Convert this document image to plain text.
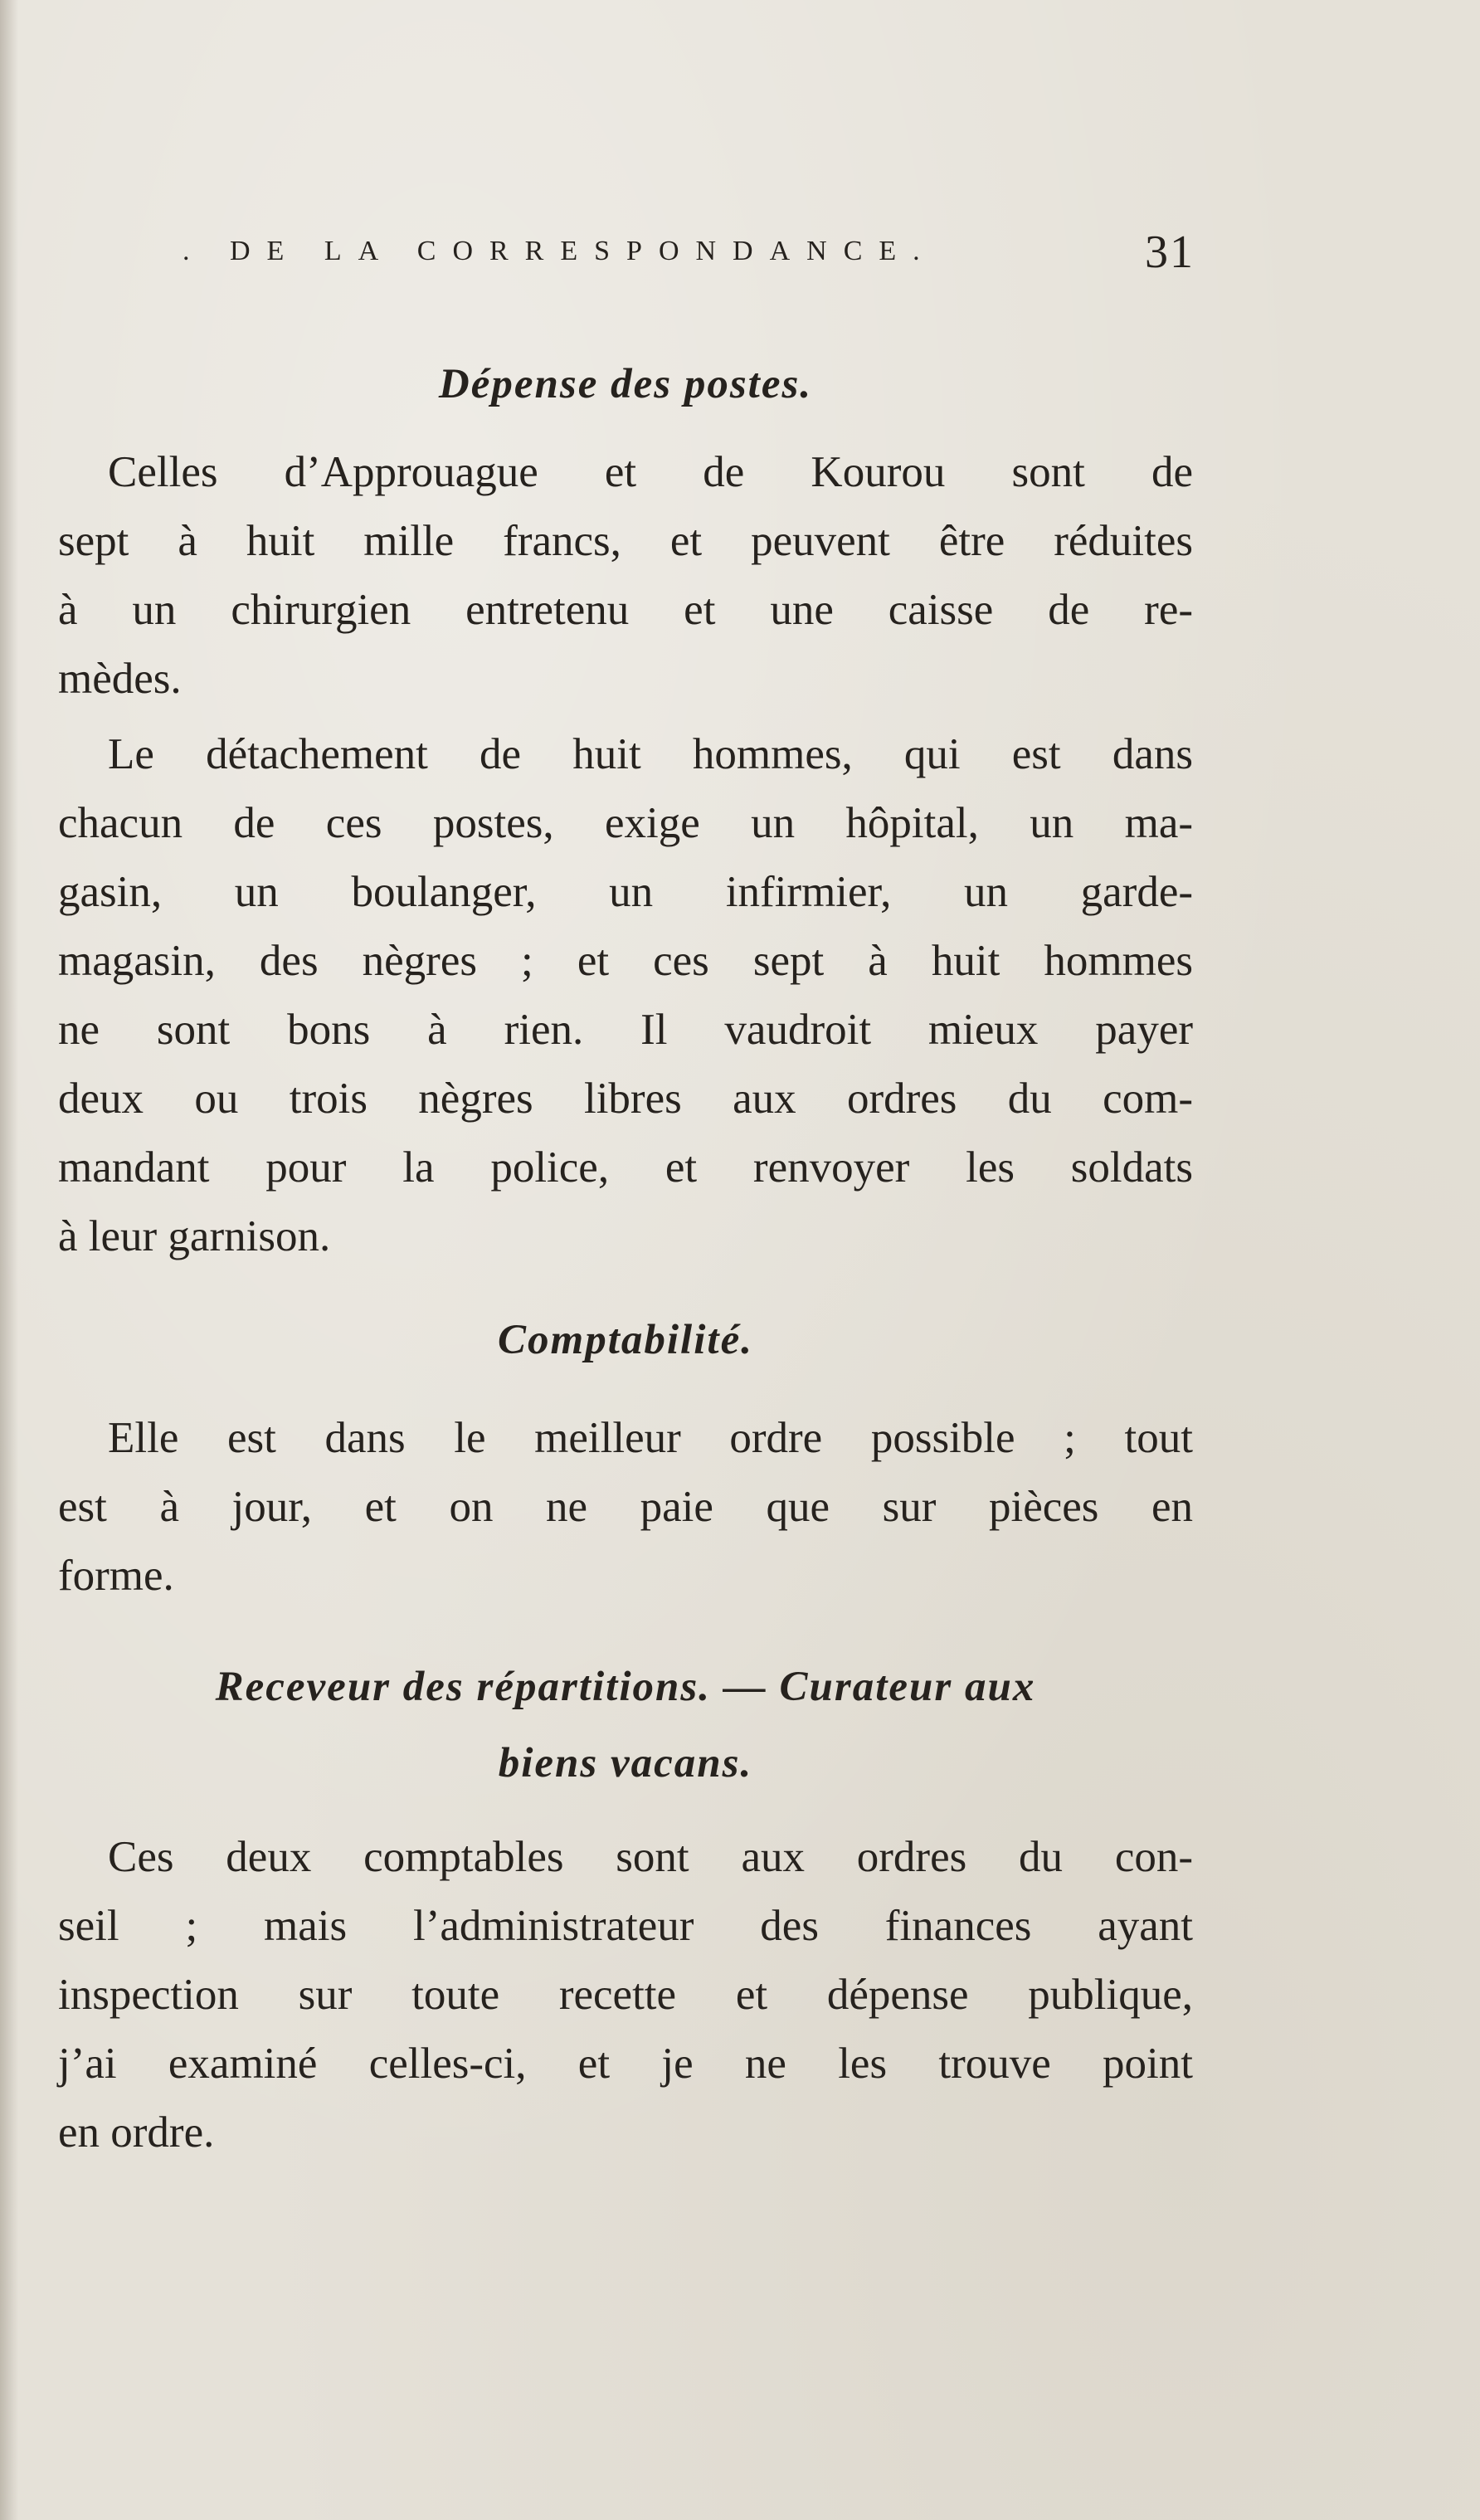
. DE LA CORRESPONDANCE.	31
Dépense des postes.

Celles d’Approuague et de Kourou sont de
sept à huit mille francs, et peuvent être réduites
à un chirurgien entretenu et une caisse de re-
mèdes.

Le détachement de huit hommes, qui est dans
chacun de ces postes, exige un hôpital, un ma-
gasin, un boulanger, un infirmier, un garde-
magasin, des nègres ; et ces sept à huit hommes
ne sont bons à rien. Il vaudroit mieux payer
deux ou trois nègres libres aux ordres du com-
mandant pour la police, et renvoyer les soldats
à leur garnison.

Comptabilité.

Elle est dans le meilleur ordre possible ; tout
est à jour, et on ne paie que sur pièces en
forme.

Receveur des répartitions. — Curateur aux
biens vacans.

Ces deux comptables sont aux ordres du con-
seil ; mais l’administrateur des finances ayant
inspection sur toute recette et dépense publique,
j’ai examiné celles-ci, et je ne les trouve point
en ordre.
